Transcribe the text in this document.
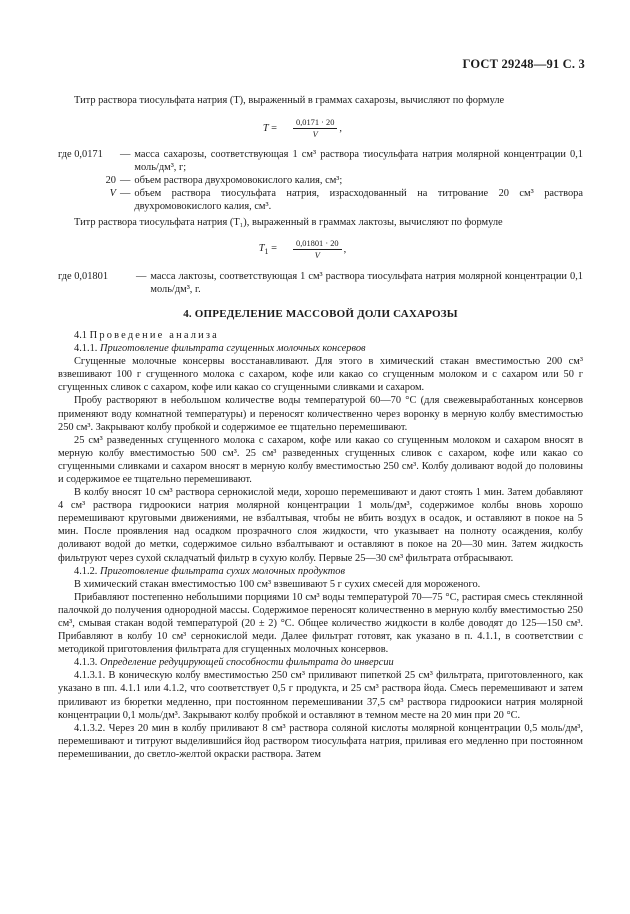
ГОСТ 29248—91 С. 3

Титр раствора тиосульфата натрия (T), выраженный в граммах сахарозы, вычисляют по формуле

T =	$\frac{0,0171 \cdot 20}{V}$ ,
где 0,0171	— масса сахарозы, соответствующая 1 см³ раствора тиосульфата натрия молярной концентрации 0,1 моль/дм³, г;
20 — объем раствора двухромовокислого калия, см³;
V — объем раствора тиосульфата натрия, израсходованный на титрование 20 см³ раствора двухромовокислого калия, см³.

Титр раствора тиосульфата натрия (T₁), выраженный в граммах лактозы, вычисляют по формуле

$T_1$ =	$\frac{0,01801 \cdot 20}{V}$ ,
где 0,01801	— масса лактозы, соответствующая 1 см³ раствора тиосульфата натрия молярной концентрации 0,1 моль/дм³, г.
4. ОПРЕДЕЛЕНИЕ МАССОВОЙ ДОЛИ САХАРОЗЫ

4.1 Проведение анализа

4.1.1. Приготовление фильтрата сгущенных молочных консервов

Сгущенные молочные консервы восстанавливают. Для этого в химический стакан вместимостью 200 см³ взвешивают 100 г сгущенного молока с сахаром, кофе или какао со сгущенным молоком и с сахаром или 50 г сгущенных сливок с сахаром, кофе или какао со сгущенными сливками и сахаром.

Пробу растворяют в небольшом количестве воды температурой 60—70 °С (для свежевыработанных консервов применяют воду комнатной температуры) и переносят количественно через воронку в мерную колбу вместимостью 250 см³. Закрывают колбу пробкой и содержимое ее тщательно перемешивают.

25 см³ разведенных сгущенного молока с сахаром, кофе или какао со сгущенным молоком и сахаром вносят в мерную колбу вместимостью 500 см³. 25 см³ разведенных сгущенных сливок с сахаром, кофе или какао со сгущенными сливками и сахаром вносят в мерную колбу вместимостью 250 см³. Колбу доливают водой до половины и содержимое ее тщательно перемешивают.

В колбу вносят 10 см³ раствора сернокислой меди, хорошо перемешивают и дают стоять 1 мин. Затем добавляют 4 см³ раствора гидроокиси натрия молярной концентрации 1 моль/дм³, содержимое колбы вновь хорошо перемешивают круговыми движениями, не взбалтывая, чтобы не вбить воздух в осадок, и оставляют в покое на 5 мин. После проявления над осадком прозрачного слоя жидкости, что указывает на полноту осаждения, колбу доливают водой до метки, содержимое сильно взбалтывают и оставляют в покое на 20—30 мин. Затем жидкость фильтруют через сухой складчатый фильтр в сухую колбу. Первые 25—30 см³ фильтрата отбрасывают.

4.1.2. Приготовление фильтрата сухих молочных продуктов

В химический стакан вместимостью 100 см³ взвешивают 5 г сухих смесей для мороженого.

Прибавляют постепенно небольшими порциями 10 см³ воды температурой 70—75 °С, растирая смесь стеклянной палочкой до получения однородной массы. Содержимое переносят количественно в мерную колбу вместимостью 250 см³, смывая стакан водой температурой (20 ± 2) °С. Общее количество жидкости в колбе доводят до 125—150 см³. Прибавляют в колбу 10 см³ сернокислой меди. Далее фильтрат готовят, как указано в п. 4.1.1, в соответствии с методикой приготовления фильтрата для сгущенных молочных консервов.

4.1.3. Определение редуцирующей способности фильтрата до инверсии

4.1.3.1. В коническую колбу вместимостью 250 см³ приливают пипеткой 25 см³ фильтрата, приготовленного, как указано в пп. 4.1.1 или 4.1.2, что соответствует 0,5 г продукта, и 25 см³ раствора йода. Смесь перемешивают и затем приливают из бюретки медленно, при постоянном перемешивании 37,5 см³ раствора гидроокиси натрия молярной концентрации 0,1 моль/дм³. Закрывают колбу пробкой и оставляют в темном месте на 20 мин при 20 °С.

4.1.3.2. Через 20 мин в колбу приливают 8 см³ раствора соляной кислоты молярной концентрации 0,5 моль/дм³, перемешивают и титруют выделившийся йод раствором тиосульфата натрия, приливая его медленно при постоянном перемешивании, до светло-желтой окраски раствора. Затем
